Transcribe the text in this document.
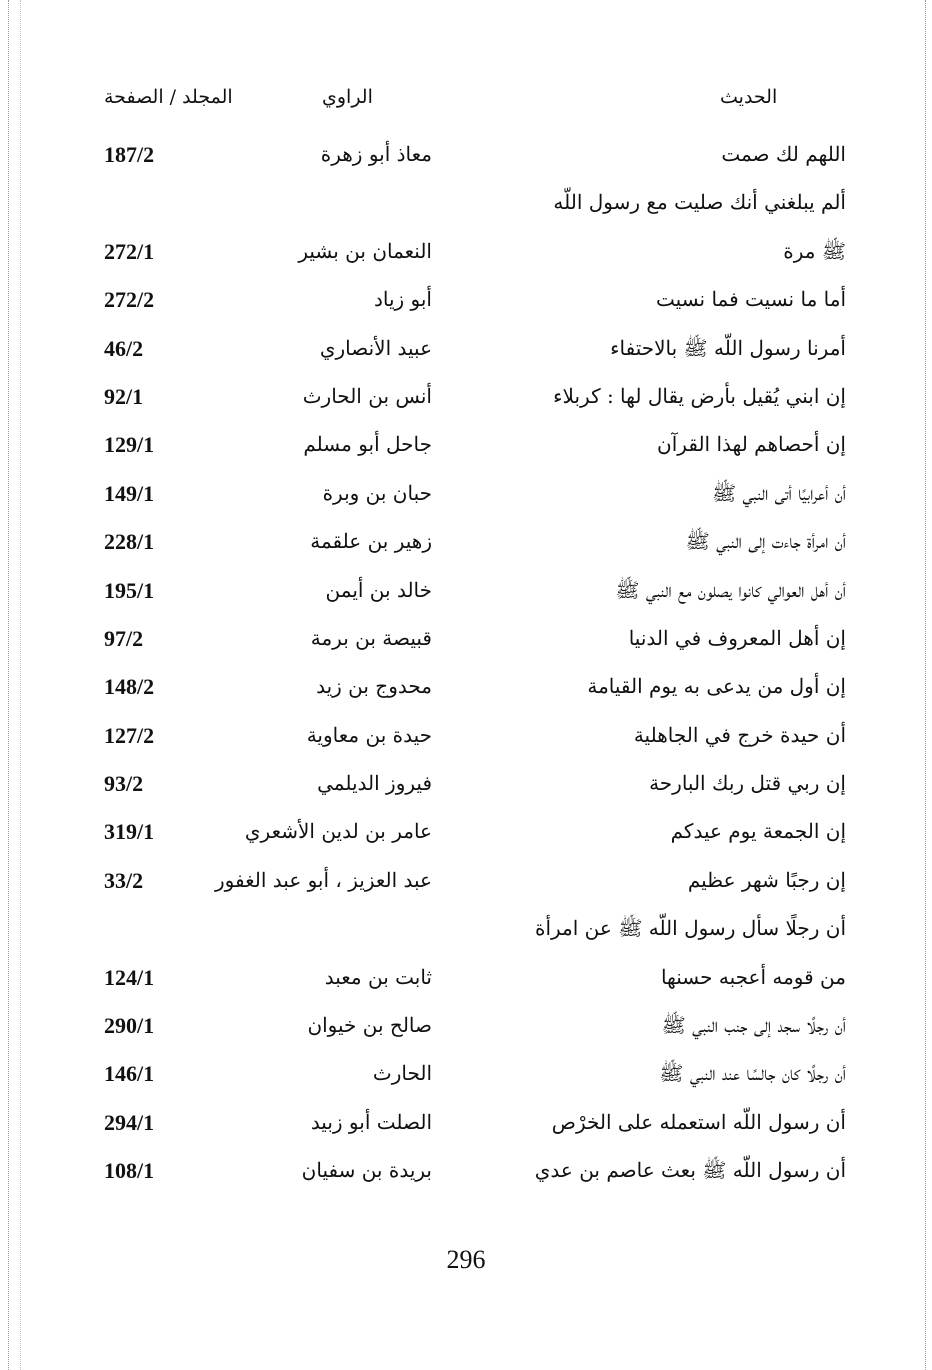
الحديث
الراوي
المجلد / الصفحة
اللهم لك صمت
معاذ أبو زهرة
187/2
ألم يبلغني أنك صليت مع رسول اللّه
ﷺ مرة
النعمان بن بشير
272/1
أما ما نسيت فما نسيت
أبو زياد
272/2
أمرنا رسول اللّه ﷺ بالاحتفاء
عبيد الأنصاري
46/2
إن ابني يُقيل بأرض يقال لها : كربلاء
أنس بن الحارث
92/1
إن أحصاهم لهذا القرآن
جاحل أبو مسلم
129/1
أن أعرابيًا أتى النبي ﷺ
حبان بن وبرة
149/1
أن امرأة جاءت إلى النبي ﷺ
زهير بن علقمة
228/1
أن أهل العوالي كانوا يصلون مع النبي ﷺ
خالد بن أيمن
195/1
إن أهل المعروف في الدنيا
قبيصة بن برمة
97/2
إن أول من يدعى به يوم القيامة
محدوج بن زيد
148/2
أن حيدة خرج في الجاهلية
حيدة بن معاوية
127/2
إن ربي قتل ربك البارحة
فيروز الديلمي
93/2
إن الجمعة يوم عيدكم
عامر بن لدين الأشعري
319/1
إن رجبًا شهر عظيم
عبد العزيز ، أبو عبد الغفور
33/2
أن رجلًا سأل رسول اللّه ﷺ عن امرأة
من قومه أعجبه حسنها
ثابت بن معبد
124/1
أن رجلًا سجد إلى جنب النبي ﷺ
صالح بن خيوان
290/1
أن رجلًا كان جالسًا عند النبي ﷺ
الحارث
146/1
أن رسول اللّه استعمله على الخرْص
الصلت أبو زبيد
294/1
أن رسول اللّه ﷺ بعث عاصم بن عدي
بريدة بن سفيان
108/1
296
